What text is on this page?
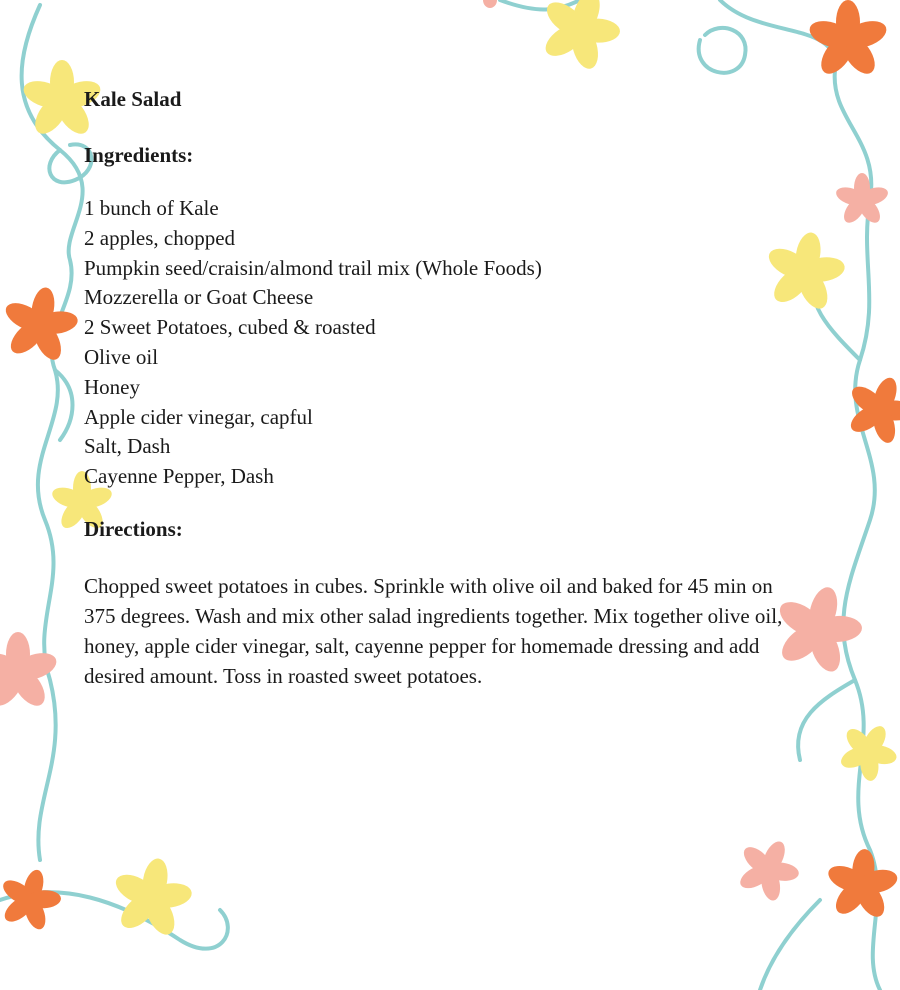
Kale Salad
Ingredients:
1 bunch of Kale
2 apples, chopped
Pumpkin seed/craisin/almond trail mix (Whole Foods)
Mozzerella or Goat Cheese
2 Sweet Potatoes, cubed & roasted
Olive oil
Honey
Apple cider vinegar, capful
Salt, Dash
Cayenne Pepper, Dash
Directions:

Chopped sweet potatoes in cubes. Sprinkle with olive oil and baked for 45 min on 375 degrees. Wash and mix other salad ingredients together. Mix together olive oil, honey, apple cider vinegar, salt, cayenne pepper for homemade dressing and add desired amount. Toss in roasted sweet potatoes.
